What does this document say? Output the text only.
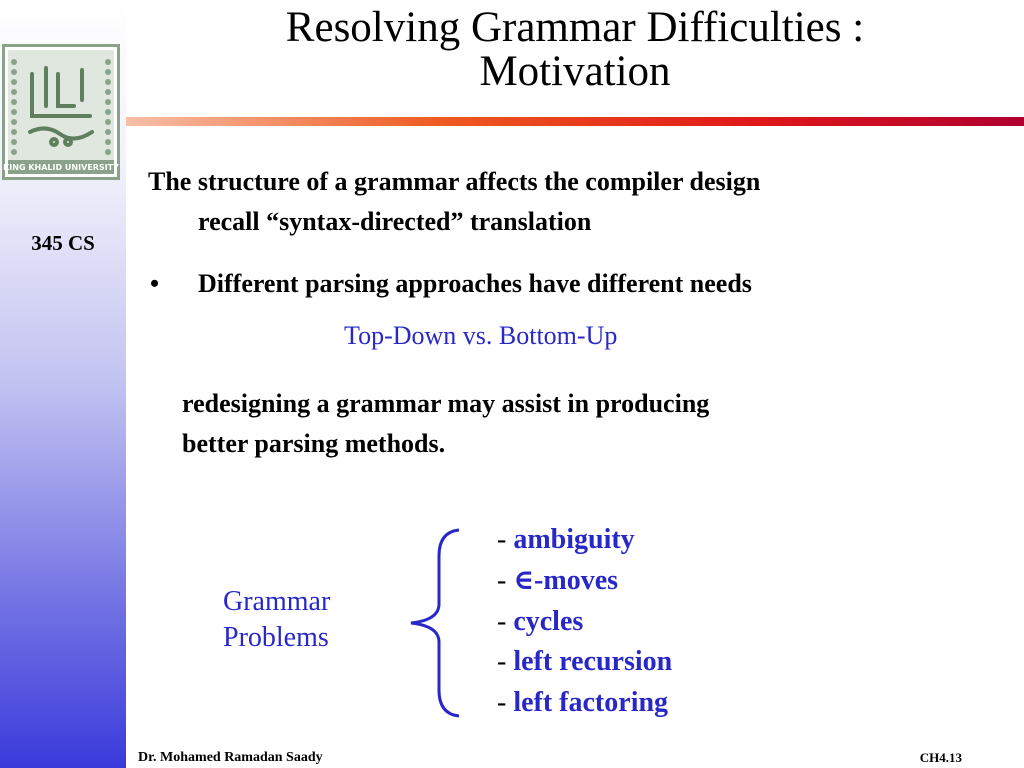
KING KHALID UNIVERSITY
345 CS
Resolving Grammar Difficulties :
Motivation

The structure of a grammar affects the compiler design

recall “syntax-directed” translation

• Different parsing approaches have different needs

Top-Down vs. Bottom-Up

redesigning a grammar may assist in producing

better parsing methods.

Grammar
Problems
- ambiguity
- ∈-moves
- cycles
- left recursion
- left factoring
Dr. Mohamed Ramadan Saady	CH4.13
